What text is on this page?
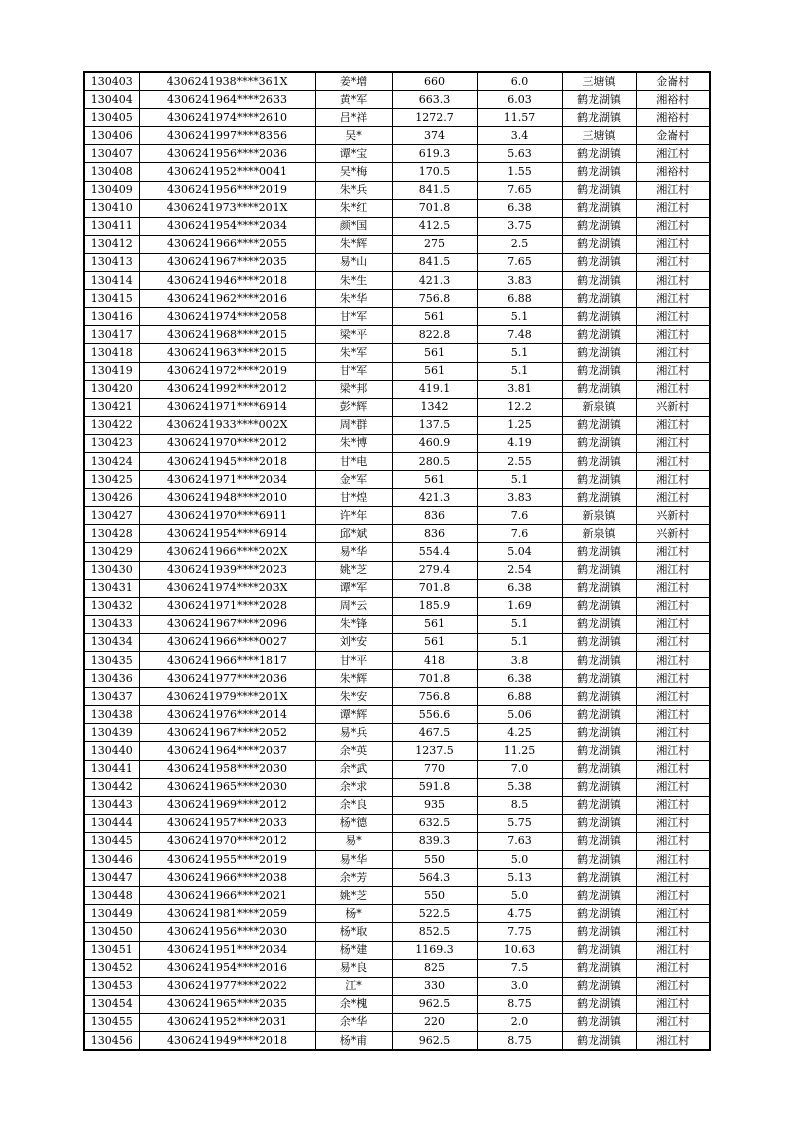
130403	4306241938****361X	姜*增	660	6.0	三塘镇	金崙村
130404	4306241964****2633	黄*军	663.3	6.03	鹤龙湖镇	湘裕村
130405	4306241974****2610	吕*祥	1272.7	11.57	鹤龙湖镇	湘裕村
130406	4306241997****8356	吴*	374	3.4	三塘镇	金崙村
130407	4306241956****2036	谭*宝	619.3	5.63	鹤龙湖镇	湘江村
130408	4306241952****0041	吴*梅	170.5	1.55	鹤龙湖镇	湘裕村
130409	4306241956****2019	朱*兵	841.5	7.65	鹤龙湖镇	湘江村
130410	4306241973****201X	朱*红	701.8	6.38	鹤龙湖镇	湘江村
130411	4306241954****2034	颜*国	412.5	3.75	鹤龙湖镇	湘江村
130412	4306241966****2055	朱*辉	275	2.5	鹤龙湖镇	湘江村
130413	4306241967****2035	易*山	841.5	7.65	鹤龙湖镇	湘江村
130414	4306241946****2018	朱*生	421.3	3.83	鹤龙湖镇	湘江村
130415	4306241962****2016	朱*华	756.8	6.88	鹤龙湖镇	湘江村
130416	4306241974****2058	甘*军	561	5.1	鹤龙湖镇	湘江村
130417	4306241968****2015	梁*平	822.8	7.48	鹤龙湖镇	湘江村
130418	4306241963****2015	朱*军	561	5.1	鹤龙湖镇	湘江村
130419	4306241972****2019	甘*军	561	5.1	鹤龙湖镇	湘江村
130420	4306241992****2012	梁*邦	419.1	3.81	鹤龙湖镇	湘江村
130421	4306241971****6914	彭*辉	1342	12.2	新泉镇	兴新村
130422	4306241933****002X	周*群	137.5	1.25	鹤龙湖镇	湘江村
130423	4306241970****2012	朱*博	460.9	4.19	鹤龙湖镇	湘江村
130424	4306241945****2018	甘*电	280.5	2.55	鹤龙湖镇	湘江村
130425	4306241971****2034	金*军	561	5.1	鹤龙湖镇	湘江村
130426	4306241948****2010	甘*煌	421.3	3.83	鹤龙湖镇	湘江村
130427	4306241970****6911	许*年	836	7.6	新泉镇	兴新村
130428	4306241954****6914	邱*斌	836	7.6	新泉镇	兴新村
130429	4306241966****202X	易*华	554.4	5.04	鹤龙湖镇	湘江村
130430	4306241939****2023	姚*芝	279.4	2.54	鹤龙湖镇	湘江村
130431	4306241974****203X	谭*军	701.8	6.38	鹤龙湖镇	湘江村
130432	4306241971****2028	周*云	185.9	1.69	鹤龙湖镇	湘江村
130433	4306241967****2096	朱*锋	561	5.1	鹤龙湖镇	湘江村
130434	4306241966****0027	刘*安	561	5.1	鹤龙湖镇	湘江村
130435	4306241966****1817	甘*平	418	3.8	鹤龙湖镇	湘江村
130436	4306241977****2036	朱*辉	701.8	6.38	鹤龙湖镇	湘江村
130437	4306241979****201X	朱*安	756.8	6.88	鹤龙湖镇	湘江村
130438	4306241976****2014	谭*辉	556.6	5.06	鹤龙湖镇	湘江村
130439	4306241967****2052	易*兵	467.5	4.25	鹤龙湖镇	湘江村
130440	4306241964****2037	余*英	1237.5	11.25	鹤龙湖镇	湘江村
130441	4306241958****2030	余*武	770	7.0	鹤龙湖镇	湘江村
130442	4306241965****2030	余*求	591.8	5.38	鹤龙湖镇	湘江村
130443	4306241969****2012	余*良	935	8.5	鹤龙湖镇	湘江村
130444	4306241957****2033	杨*德	632.5	5.75	鹤龙湖镇	湘江村
130445	4306241970****2012	易*	839.3	7.63	鹤龙湖镇	湘江村
130446	4306241955****2019	易*华	550	5.0	鹤龙湖镇	湘江村
130447	4306241966****2038	余*芳	564.3	5.13	鹤龙湖镇	湘江村
130448	4306241966****2021	姚*芝	550	5.0	鹤龙湖镇	湘江村
130449	4306241981****2059	杨*	522.5	4.75	鹤龙湖镇	湘江村
130450	4306241956****2030	杨*取	852.5	7.75	鹤龙湖镇	湘江村
130451	4306241951****2034	杨*建	1169.3	10.63	鹤龙湖镇	湘江村
130452	4306241954****2016	易*良	825	7.5	鹤龙湖镇	湘江村
130453	4306241977****2022	江*	330	3.0	鹤龙湖镇	湘江村
130454	4306241965****2035	余*槐	962.5	8.75	鹤龙湖镇	湘江村
130455	4306241952****2031	余*华	220	2.0	鹤龙湖镇	湘江村
130456	4306241949****2018	杨*甫	962.5	8.75	鹤龙湖镇	湘江村
